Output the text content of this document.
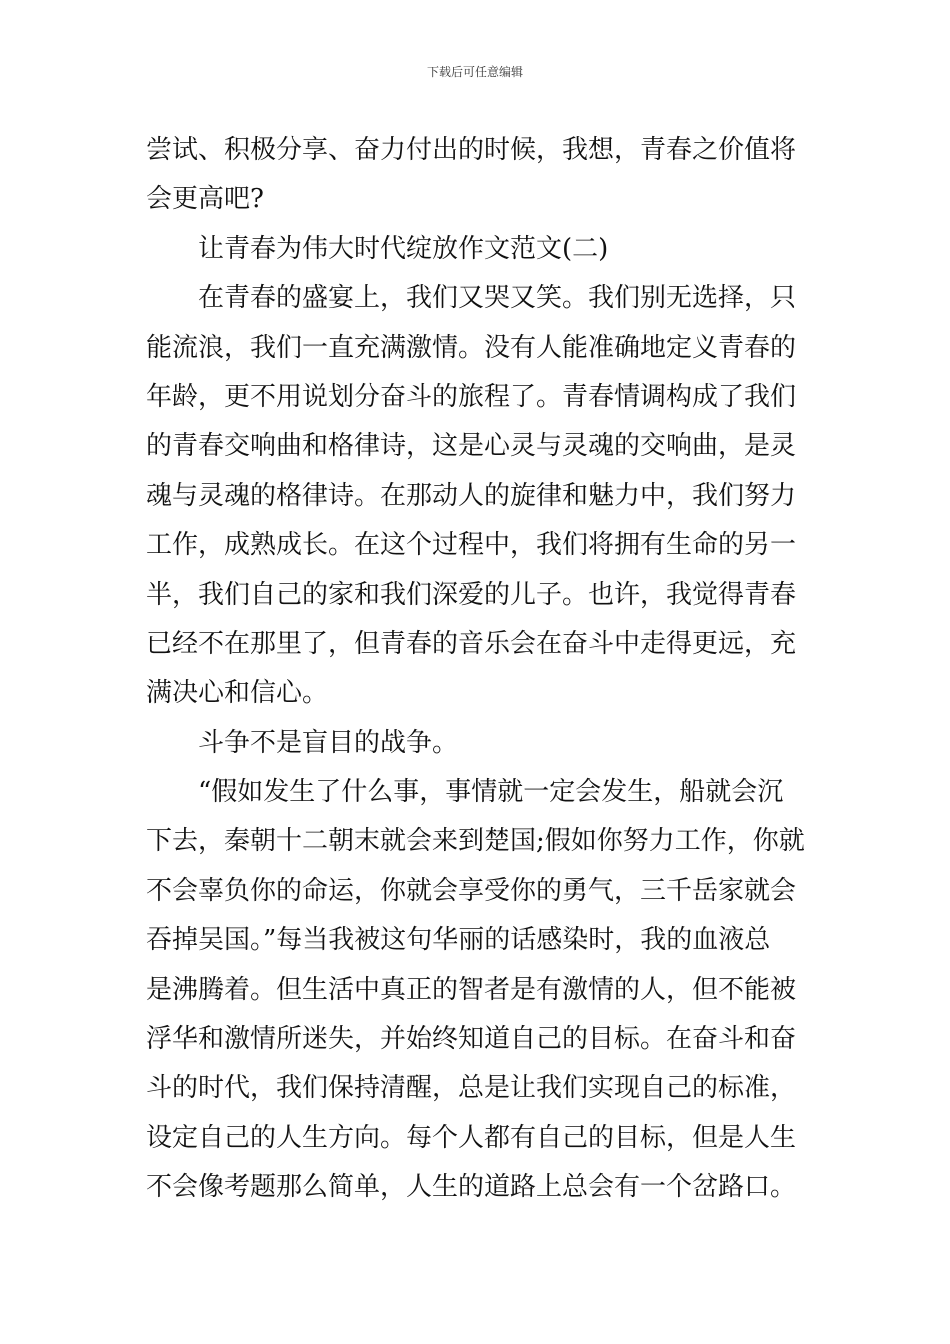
下载后可任意编辑
尝试、积极分享、奋力付出的时候，我想，青春之价值将
会更高吧?
让青春为伟大时代绽放作文范文(二)
在青春的盛宴上，我们又哭又笑。我们别无选择，只
能流浪，我们一直充满激情。没有人能准确地定义青春的
年龄，更不用说划分奋斗的旅程了。青春情调构成了我们
的青春交响曲和格律诗，这是心灵与灵魂的交响曲，是灵
魂与灵魂的格律诗。在那动人的旋律和魅力中，我们努力
工作，成熟成长。在这个过程中，我们将拥有生命的另一
半，我们自己的家和我们深爱的儿子。也许，我觉得青春
已经不在那里了，但青春的音乐会在奋斗中走得更远，充
满决心和信心。
斗争不是盲目的战争。
“假如发生了什么事，事情就一定会发生，船就会沉
下去，秦朝十二朝末就会来到楚国;假如你努力工作，你就
不会辜负你的命运，你就会享受你的勇气，三千岳家就会
吞掉吴国。”每当我被这句华丽的话感染时，我的血液总
是沸腾着。但生活中真正的智者是有激情的人，但不能被
浮华和激情所迷失，并始终知道自己的目标。在奋斗和奋
斗的时代，我们保持清醒，总是让我们实现自己的标准，
设定自己的人生方向。每个人都有自己的目标，但是人生
不会像考题那么简单，人生的道路上总会有一个岔路口。
